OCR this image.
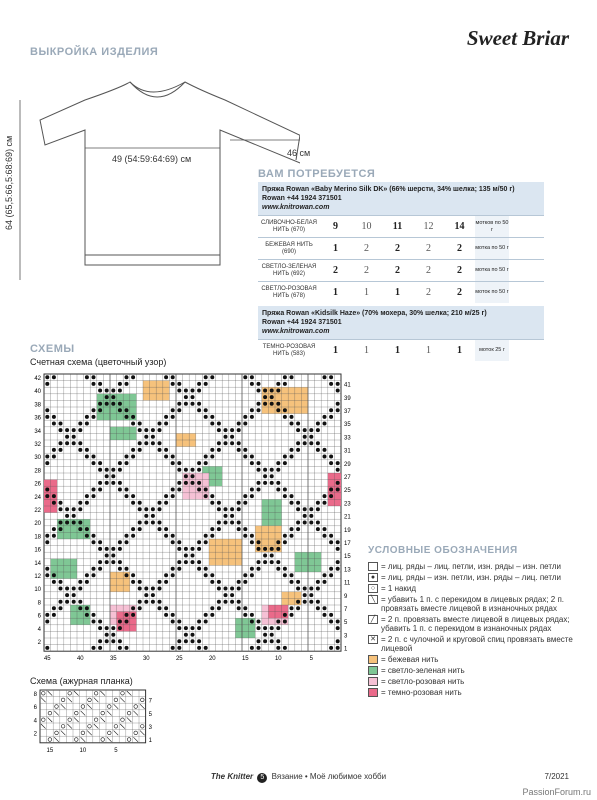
Sweet Briar
ВЫКРОЙКА ИЗДЕЛИЯ
49 (54:59:64:69) см
46 см
64 (65,5:66,5:68:69) см	ВАМ ПОТРЕБУЕТСЯ
Пряжа Rowan «Baby Merino Silk DK» (66% шерсти, 34% шелка; 135 м/50 г)
Rowan +44 1924 371501
www.knitrowan.com
СЛИВОЧНО-БЕЛАЯ НИТЬ (670)	9	10	11	12	14	мотков по 50 г
БЕЖЕВАЯ НИТЬ (690)	1	2	2	2	2	мотка по 50 г
СВЕТЛО-ЗЕЛЕНАЯ НИТЬ (692)	2	2	2	2	2	мотка по 50 г
СВЕТЛО-РОЗОВАЯ НИТЬ (678)	1	1	1	2	2	моток по 50 г
Пряжа Rowan «Kidsilk Haze» (70% мохера, 30% шелка; 210 м/25 г)
Rowan +44 1924 371501
www.knitrowan.com
ТЕМНО-РОЗОВАЯ НИТЬ (583)	1	1	1	1	1	моток 25 г
СХЕМЫ
Счетная схема (цветочный узор)
42
40
38
36
34
32
30
28
26
24
22
20
18
16
14
12
10
8
6
4
2
41
39
37
35
33
31
29
27
25
23
21
19
17
15
13
11
9
7
5
3
1
45	40	35	30	25	20	15	10	5
Схема (ажурная планка)
8
6
4
2
7
5
3
1
15	10	5
УСЛОВНЫЕ ОБОЗНАЧЕНИЯ
= лиц. ряды – лиц. петли, изн. ряды – изн. петли
● = лиц. ряды – изн. петли, изн. ряды – лиц. петли
○ = 1 накид
╲ = убавить 1 п. с перекидом в лицевых рядах; 2 п. провязать вместе лицевой в изнаночных рядах
╱ = 2 п. провязать вместе лицевой в лицевых рядах; убавить 1 п. с перекидом в изнаночных рядах
✕ = 2 п. с чулочной и круговой спиц провязать вместе лицевой
= бежевая нить
= светло-зеленая нить
= светло-розовая нить
= темно-розовая нить
The Knitter 5 Вязание • Моё любимое хобби	7/2021
PassionForum.ru
